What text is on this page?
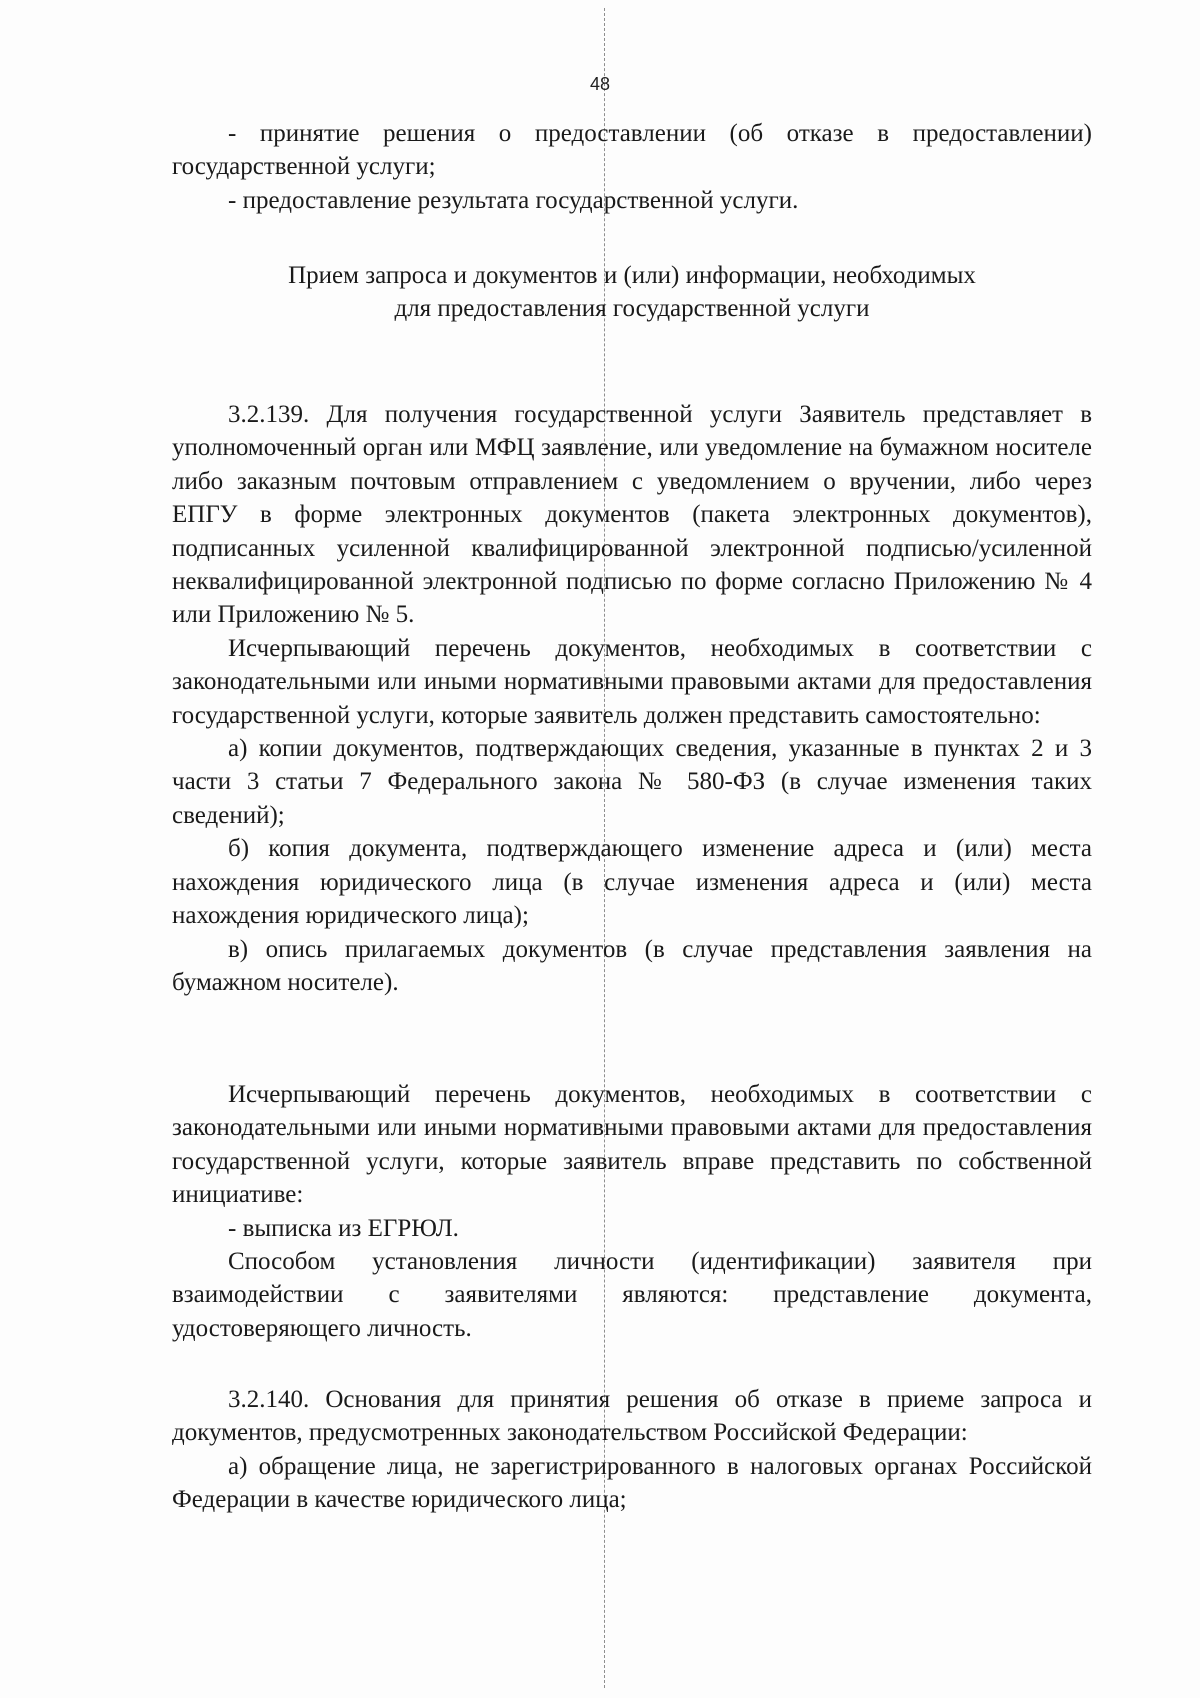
48

- принятие решения о предоставлении (об отказе в предоставлении) государственной услуги;

- предоставление результата государственной услуги.

Прием запроса и документов и (или) информации, необходимых
для предоставления государственной услуги

3.2.139. Для получения государственной услуги Заявитель представляет в уполномоченный орган или МФЦ заявление, или уведомление на бумажном носителе либо заказным почтовым отправлением с уведомлением о вручении, либо через ЕПГУ в форме электронных документов (пакета электронных документов), подписанных усиленной квалифицированной электронной подписью/усиленной неквалифицированной электронной подписью по форме согласно Приложению № 4 или Приложению № 5.

Исчерпывающий перечень документов, необходимых в соответствии с законодательными или иными нормативными правовыми актами для предоставления государственной услуги, которые заявитель должен представить самостоятельно:

а) копии документов, подтверждающих сведения, указанные в пунктах 2 и 3 части 3 статьи 7 Федерального закона № 580-ФЗ (в случае изменения таких сведений);

б) копия документа, подтверждающего изменение адреса и (или) места нахождения юридического лица (в случае изменения адреса и (или) места нахождения юридического лица);

в) опись прилагаемых документов (в случае представления заявления на бумажном носителе).

Исчерпывающий перечень документов, необходимых в соответствии с законодательными или иными нормативными правовыми актами для предоставления государственной услуги, которые заявитель вправе представить по собственной инициативе:

- выписка из ЕГРЮЛ.

Способом установления личности (идентификации) заявителя при взаимодействии с заявителями являются: представление документа, удостоверяющего личность.

3.2.140. Основания для принятия решения об отказе в приеме запроса и документов, предусмотренных законодательством Российской Федерации:

а) обращение лица, не зарегистрированного в налоговых органах Российской Федерации в качестве юридического лица;
